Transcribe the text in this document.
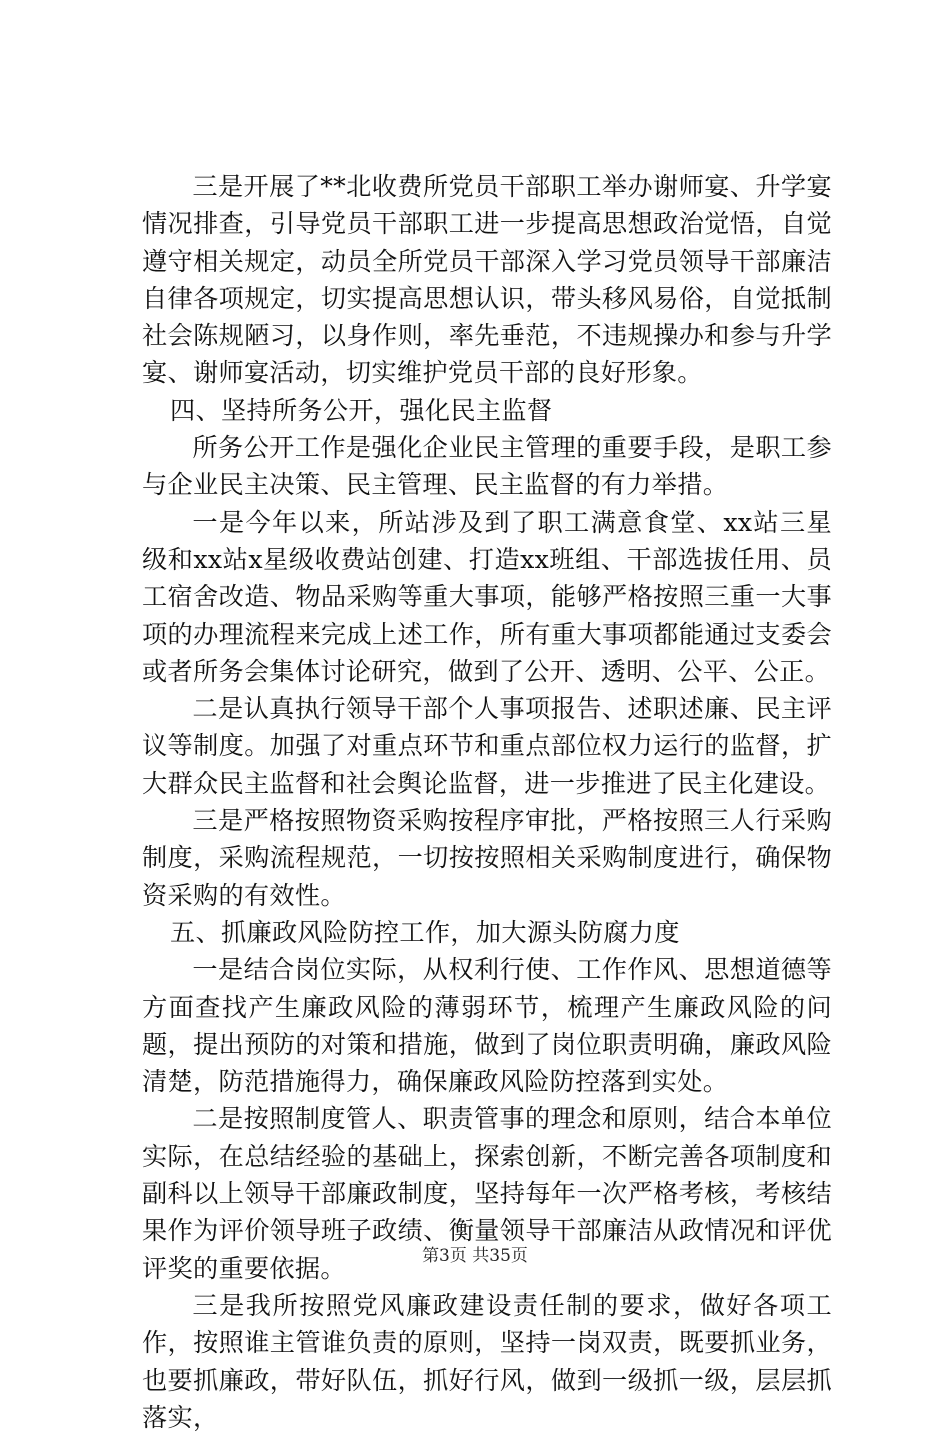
三是开展了**北收费所党员干部职工举办谢师宴、升学宴情况排查，引导党员干部职工进一步提高思想政治觉悟，自觉遵守相关规定，动员全所党员干部深入学习党员领导干部廉洁自律各项规定，切实提高思想认识，带头移风易俗，自觉抵制社会陈规陋习，以身作则，率先垂范，不违规操办和参与升学宴、谢师宴活动，切实维护党员干部的良好形象。

四、坚持所务公开，强化民主监督

所务公开工作是强化企业民主管理的重要手段，是职工参与企业民主决策、民主管理、民主监督的有力举措。

一是今年以来，所站涉及到了职工满意食堂、xx站三星级和xx站x星级收费站创建、打造xx班组、干部选拔任用、员工宿舍改造、物品采购等重大事项，能够严格按照三重一大事项的办理流程来完成上述工作，所有重大事项都能通过支委会或者所务会集体讨论研究，做到了公开、透明、公平、公正。

二是认真执行领导干部个人事项报告、述职述廉、民主评议等制度。加强了对重点环节和重点部位权力运行的监督，扩大群众民主监督和社会舆论监督，进一步推进了民主化建设。

三是严格按照物资采购按程序审批，严格按照三人行采购制度，采购流程规范，一切按按照相关采购制度进行，确保物资采购的有效性。

五、抓廉政风险防控工作，加大源头防腐力度

一是结合岗位实际，从权利行使、工作作风、思想道德等方面查找产生廉政风险的薄弱环节，梳理产生廉政风险的问题，提出预防的对策和措施，做到了岗位职责明确，廉政风险清楚，防范措施得力，确保廉政风险防控落到实处。

二是按照制度管人、职责管事的理念和原则，结合本单位实际，在总结经验的基础上，探索创新，不断完善各项制度和副科以上领导干部廉政制度，坚持每年一次严格考核，考核结果作为评价领导班子政绩、衡量领导干部廉洁从政情况和评优评奖的重要依据。

三是我所按照党风廉政建设责任制的要求，做好各项工作，按照谁主管谁负责的原则，坚持一岗双责，既要抓业务，也要抓廉政，带好队伍，抓好行风，做到一级抓一级，层层抓落实，

第3页 共35页
